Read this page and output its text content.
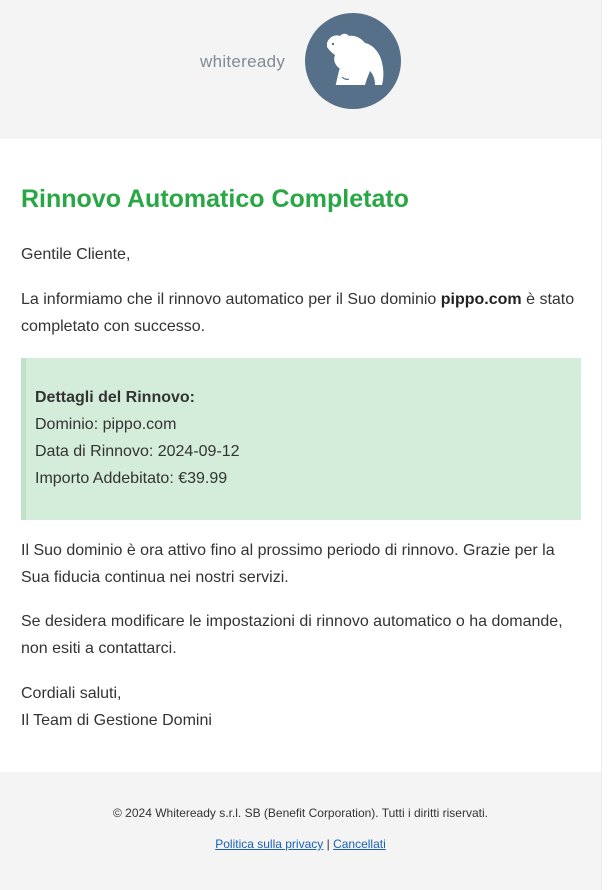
whiteready
Rinnovo Automatico Completato

Gentile Cliente,

La informiamo che il rinnovo automatico per il Suo dominio pippo.com è stato completato con successo.

Dettagli del Rinnovo:
Dominio: pippo.com
Data di Rinnovo: 2024-09-12
Importo Addebitato: €39.99

Il Suo dominio è ora attivo fino al prossimo periodo di rinnovo. Grazie per la Sua fiducia continua nei nostri servizi.

Se desidera modificare le impostazioni di rinnovo automatico o ha domande, non esiti a contattarci.

Cordiali saluti,
Il Team di Gestione Domini

© 2024 Whiteready s.r.l. SB (Benefit Corporation). Tutti i diritti riservati.
Politica sulla privacy | Cancellati
